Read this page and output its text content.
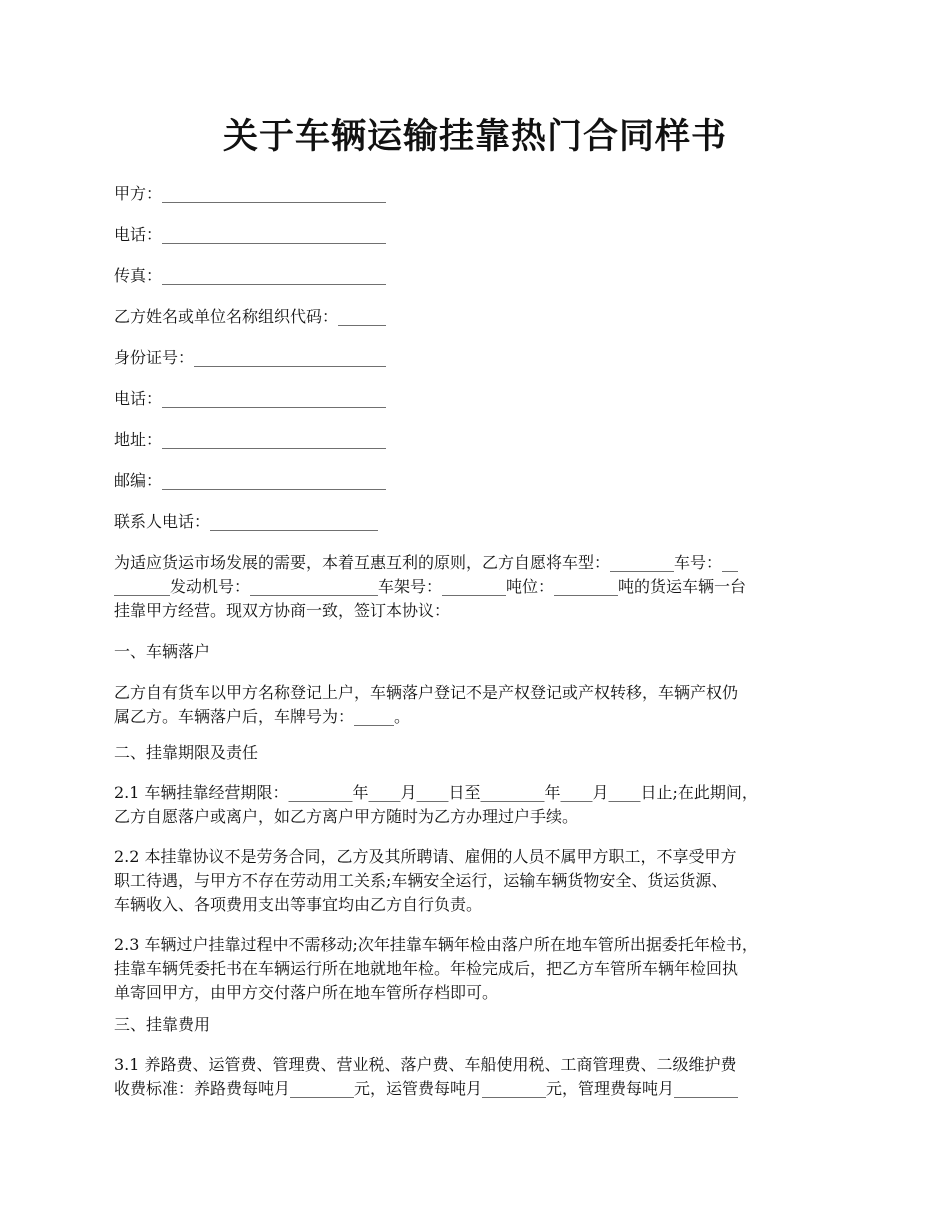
关于车辆运输挂靠热门合同样书
甲方：____________________________
电话：____________________________
传真：____________________________
乙方姓名或单位名称组织代码：______
身份证号：________________________
电话：____________________________
地址：____________________________
邮编：____________________________
联系人电话：_____________________
为适应货运市场发展的需要，本着互惠互利的原则，乙方自愿将车型：________车号：__
_______发动机号：________________车架号：________吨位：________吨的货运车辆一台
挂靠甲方经营。现双方协商一致，签订本协议：
一、车辆落户
乙方自有货车以甲方名称登记上户，车辆落户登记不是产权登记或产权转移，车辆产权仍
属乙方。车辆落户后，车牌号为：_____。
二、挂靠期限及责任
2.1 车辆挂靠经营期限：________年____月____日至________年____月____日止;在此期间，
乙方自愿落户或离户，如乙方离户甲方随时为乙方办理过户手续。
2.2 本挂靠协议不是劳务合同，乙方及其所聘请、雇佣的人员不属甲方职工，不享受甲方
职工待遇，与甲方不存在劳动用工关系;车辆安全运行，运输车辆货物安全、货运货源、
车辆收入、各项费用支出等事宜均由乙方自行负责。
2.3 车辆过户挂靠过程中不需移动;次年挂靠车辆年检由落户所在地车管所出据委托年检书，
挂靠车辆凭委托书在车辆运行所在地就地年检。年检完成后，把乙方车管所车辆年检回执
单寄回甲方，由甲方交付落户所在地车管所存档即可。
三、挂靠费用
3.1 养路费、运管费、管理费、营业税、落户费、车船使用税、工商管理费、二级维护费
收费标准：养路费每吨月________元，运管费每吨月________元，管理费每吨月________
